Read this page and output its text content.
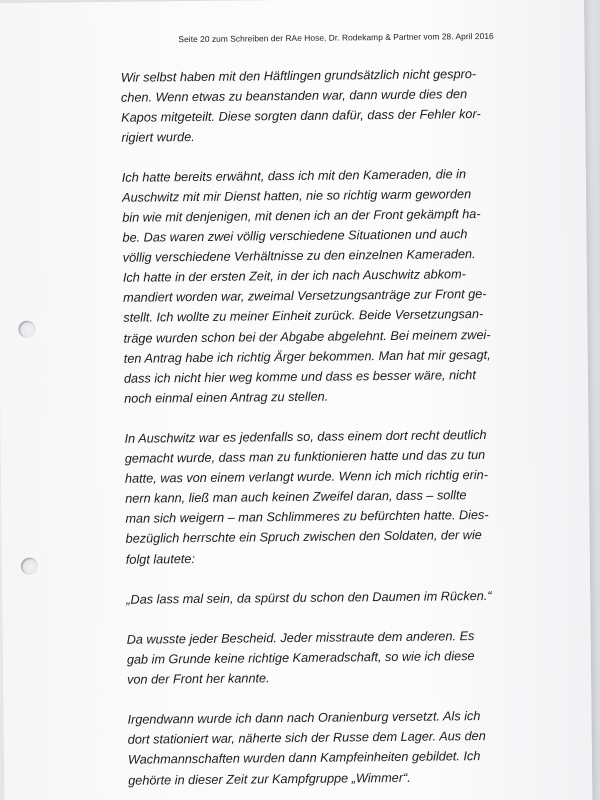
Seite 20 zum Schreiben der RAe Hose, Dr. Rodekamp & Partner vom 28. April 2016
Wir selbst haben mit den Häftlingen grundsätzlich nicht gespro-
chen. Wenn etwas zu beanstanden war, dann wurde dies den
Kapos mitgeteilt. Diese sorgten dann dafür, dass der Fehler kor-
rigiert wurde.
Ich hatte bereits erwähnt, dass ich mit den Kameraden, die in
Auschwitz mit mir Dienst hatten, nie so richtig warm geworden
bin wie mit denjenigen, mit denen ich an der Front gekämpft ha-
be. Das waren zwei völlig verschiedene Situationen und auch
völlig verschiedene Verhältnisse zu den einzelnen Kameraden.
Ich hatte in der ersten Zeit, in der ich nach Auschwitz abkom-
mandiert worden war, zweimal Versetzungsanträge zur Front ge-
stellt. Ich wollte zu meiner Einheit zurück. Beide Versetzungsan-
träge wurden schon bei der Abgabe abgelehnt. Bei meinem zwei-
ten Antrag habe ich richtig Ärger bekommen. Man hat mir gesagt,
dass ich nicht hier weg komme und dass es besser wäre, nicht
noch einmal einen Antrag zu stellen.
In Auschwitz war es jedenfalls so, dass einem dort recht deutlich
gemacht wurde, dass man zu funktionieren hatte und das zu tun
hatte, was von einem verlangt wurde. Wenn ich mich richtig erin-
nern kann, ließ man auch keinen Zweifel daran, dass – sollte
man sich weigern – man Schlimmeres zu befürchten hatte. Dies-
bezüglich herrschte ein Spruch zwischen den Soldaten, der wie
folgt lautete:
„Das lass mal sein, da spürst du schon den Daumen im Rücken.“
Da wusste jeder Bescheid. Jeder misstraute dem anderen. Es
gab im Grunde keine richtige Kameradschaft, so wie ich diese
von der Front her kannte.
Irgendwann wurde ich dann nach Oranienburg versetzt. Als ich
dort stationiert war, näherte sich der Russe dem Lager. Aus den
Wachmannschaften wurden dann Kampfeinheiten gebildet. Ich
gehörte in dieser Zeit zur Kampfgruppe „Wimmer“.
